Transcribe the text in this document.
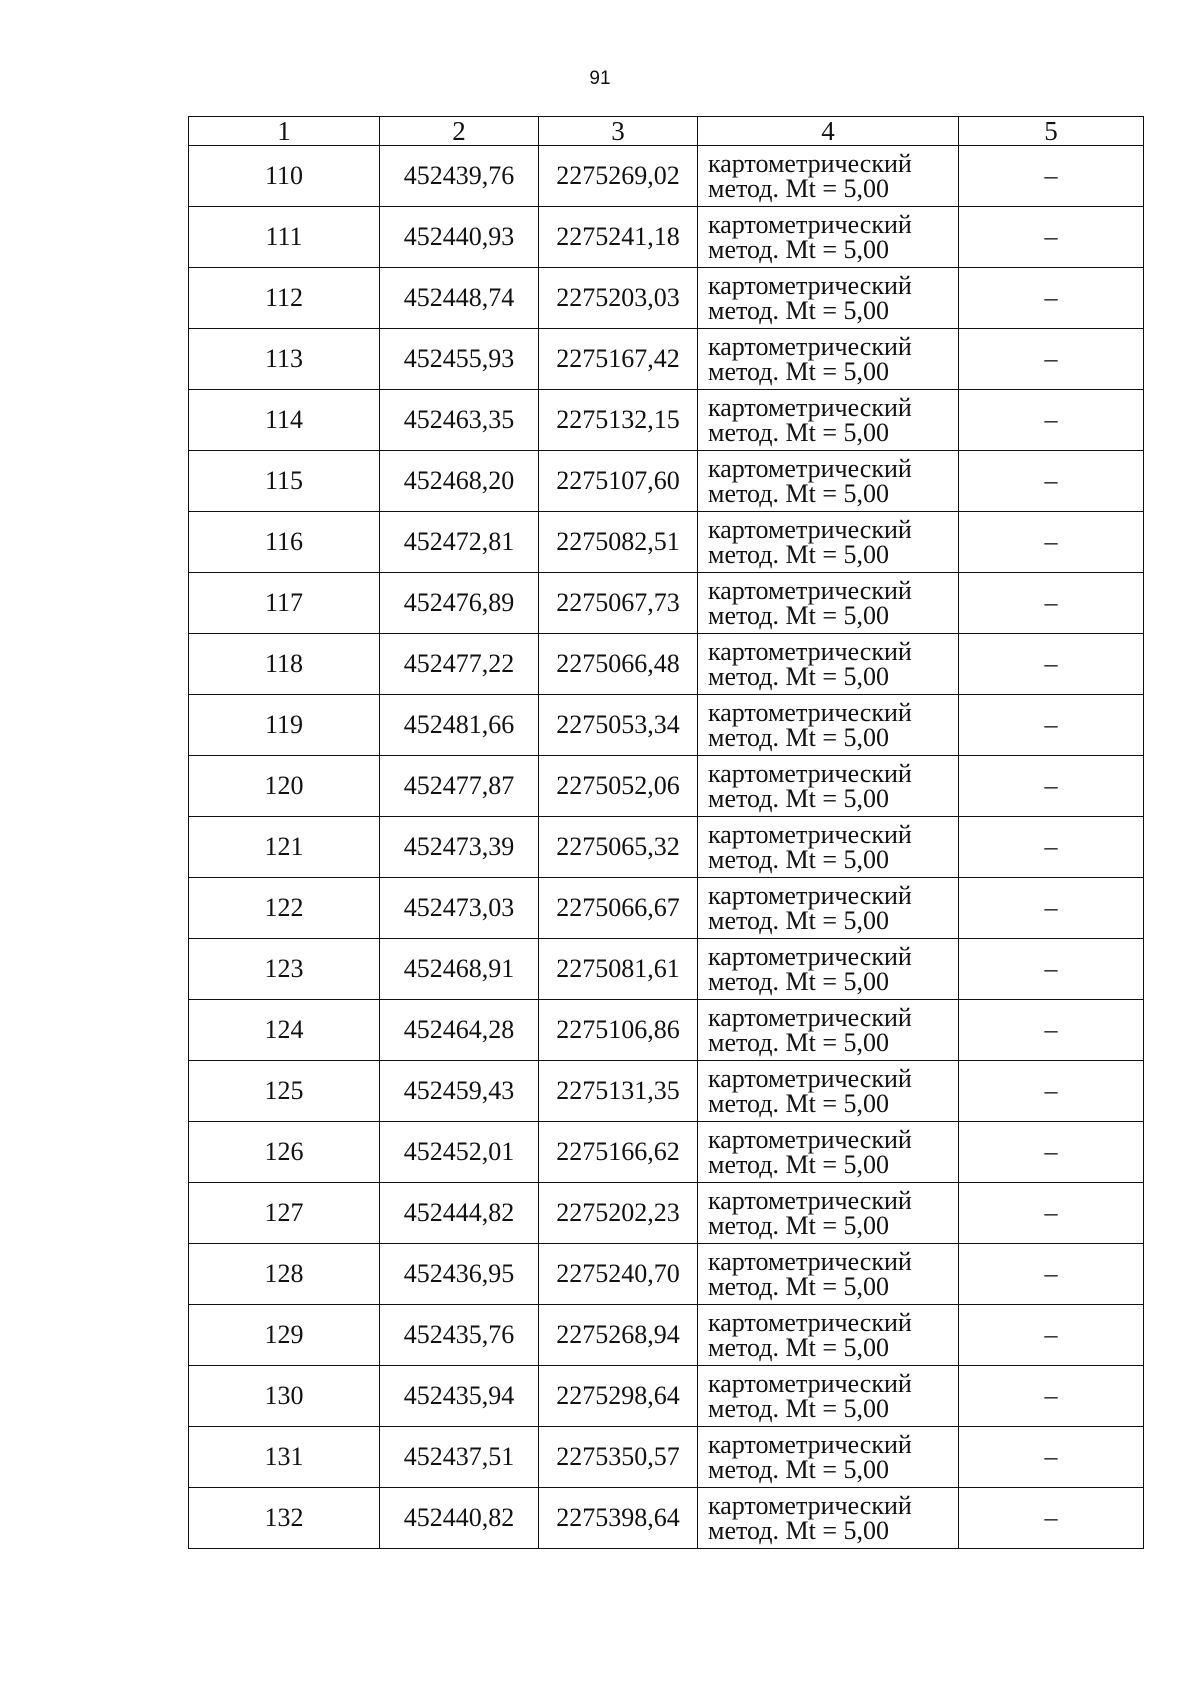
91
1	2	3	4	5
110	452439,76	2275269,02	картометрический
метод. Mt = 5,00	–
111	452440,93	2275241,18	картометрический
метод. Mt = 5,00	–
112	452448,74	2275203,03	картометрический
метод. Mt = 5,00	–
113	452455,93	2275167,42	картометрический
метод. Mt = 5,00	–
114	452463,35	2275132,15	картометрический
метод. Mt = 5,00	–
115	452468,20	2275107,60	картометрический
метод. Mt = 5,00	–
116	452472,81	2275082,51	картометрический
метод. Mt = 5,00	–
117	452476,89	2275067,73	картометрический
метод. Mt = 5,00	–
118	452477,22	2275066,48	картометрический
метод. Mt = 5,00	–
119	452481,66	2275053,34	картометрический
метод. Mt = 5,00	–
120	452477,87	2275052,06	картометрический
метод. Mt = 5,00	–
121	452473,39	2275065,32	картометрический
метод. Mt = 5,00	–
122	452473,03	2275066,67	картометрический
метод. Mt = 5,00	–
123	452468,91	2275081,61	картометрический
метод. Mt = 5,00	–
124	452464,28	2275106,86	картометрический
метод. Mt = 5,00	–
125	452459,43	2275131,35	картометрический
метод. Mt = 5,00	–
126	452452,01	2275166,62	картометрический
метод. Mt = 5,00	–
127	452444,82	2275202,23	картометрический
метод. Mt = 5,00	–
128	452436,95	2275240,70	картометрический
метод. Mt = 5,00	–
129	452435,76	2275268,94	картометрический
метод. Mt = 5,00	–
130	452435,94	2275298,64	картометрический
метод. Mt = 5,00	–
131	452437,51	2275350,57	картометрический
метод. Mt = 5,00	–
132	452440,82	2275398,64	картометрический
метод. Mt = 5,00	–
